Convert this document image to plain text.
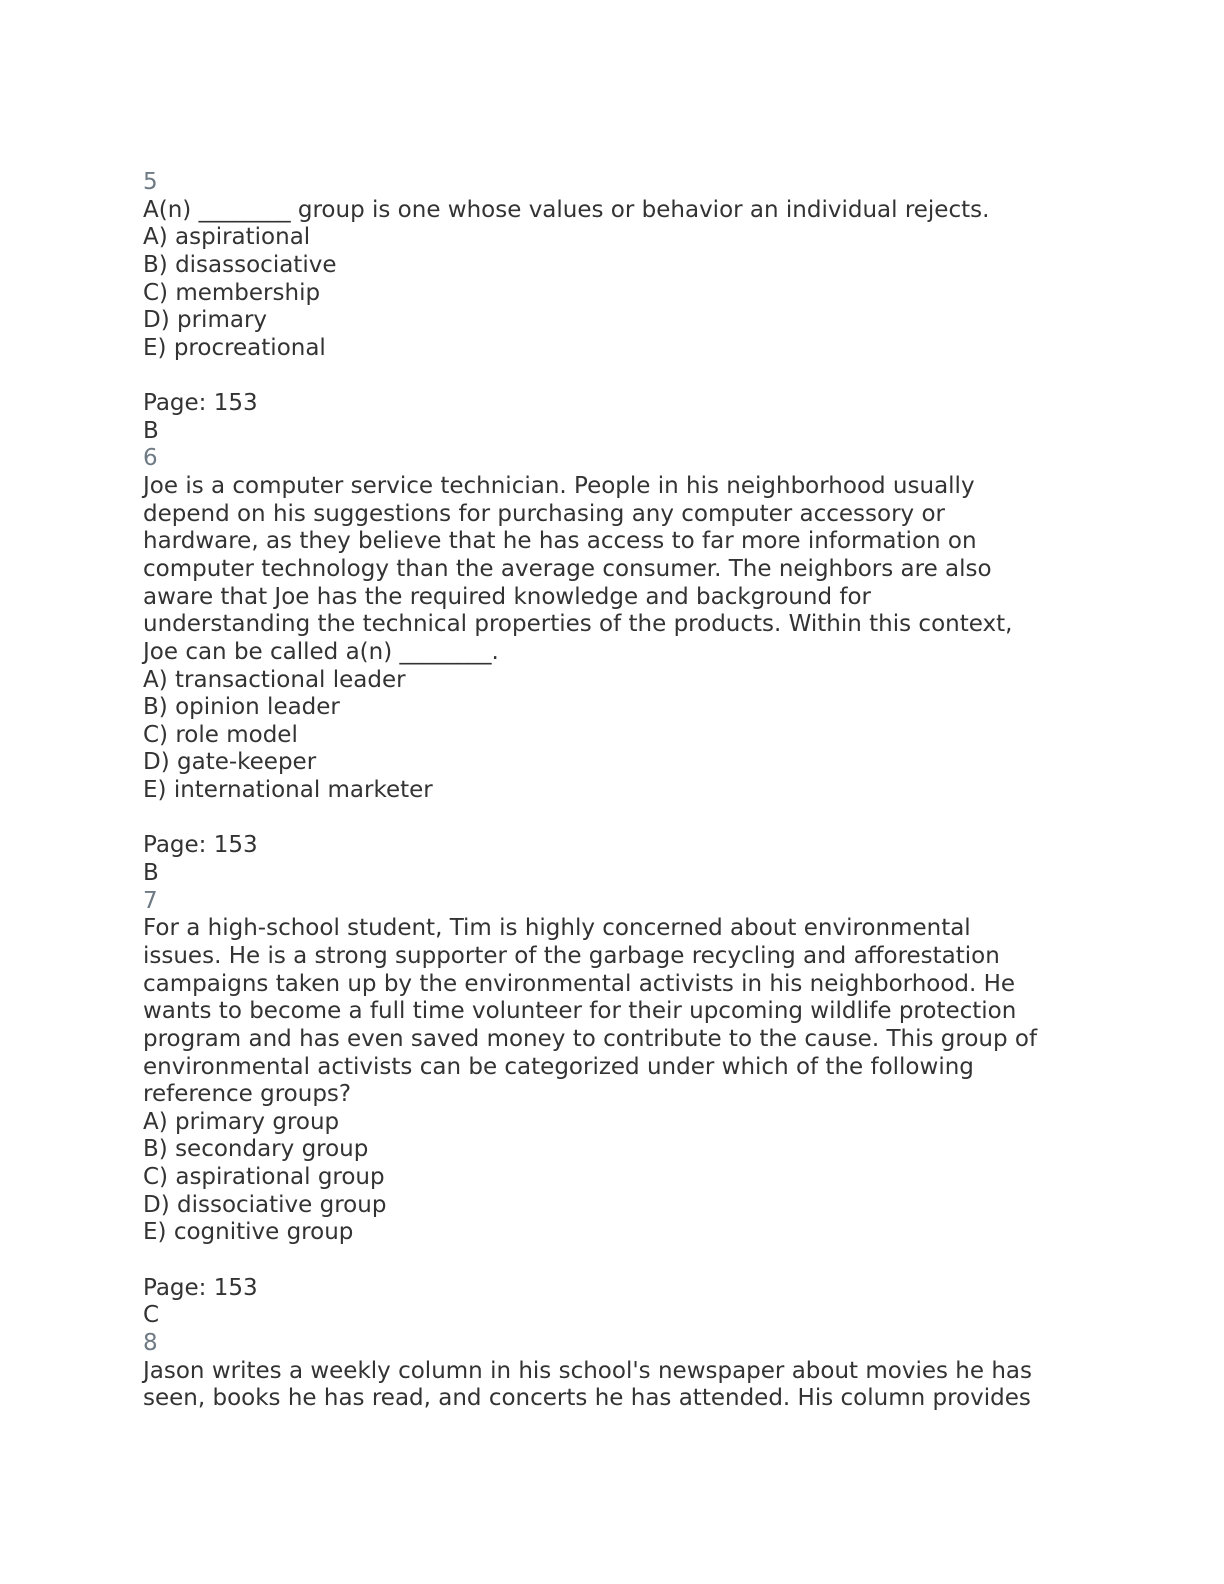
5
A(n) ________ group is one whose values or behavior an individual rejects.
A) aspirational
B) disassociative
C) membership
D) primary
E) procreational
Page: 153
B
6
Joe is a computer service technician. People in his neighborhood usually
depend on his suggestions for purchasing any computer accessory or
hardware, as they believe that he has access to far more information on
computer technology than the average consumer. The neighbors are also
aware that Joe has the required knowledge and background for
understanding the technical properties of the products. Within this context,
Joe can be called a(n) ________.
A) transactional leader
B) opinion leader
C) role model
D) gate-keeper
E) international marketer
Page: 153
B
7
For a high-school student, Tim is highly concerned about environmental
issues. He is a strong supporter of the garbage recycling and afforestation
campaigns taken up by the environmental activists in his neighborhood. He
wants to become a full time volunteer for their upcoming wildlife protection
program and has even saved money to contribute to the cause. This group of
environmental activists can be categorized under which of the following
reference groups?
A) primary group
B) secondary group
C) aspirational group
D) dissociative group
E) cognitive group
Page: 153
C
8
Jason writes a weekly column in his school's newspaper about movies he has
seen, books he has read, and concerts he has attended. His column provides
